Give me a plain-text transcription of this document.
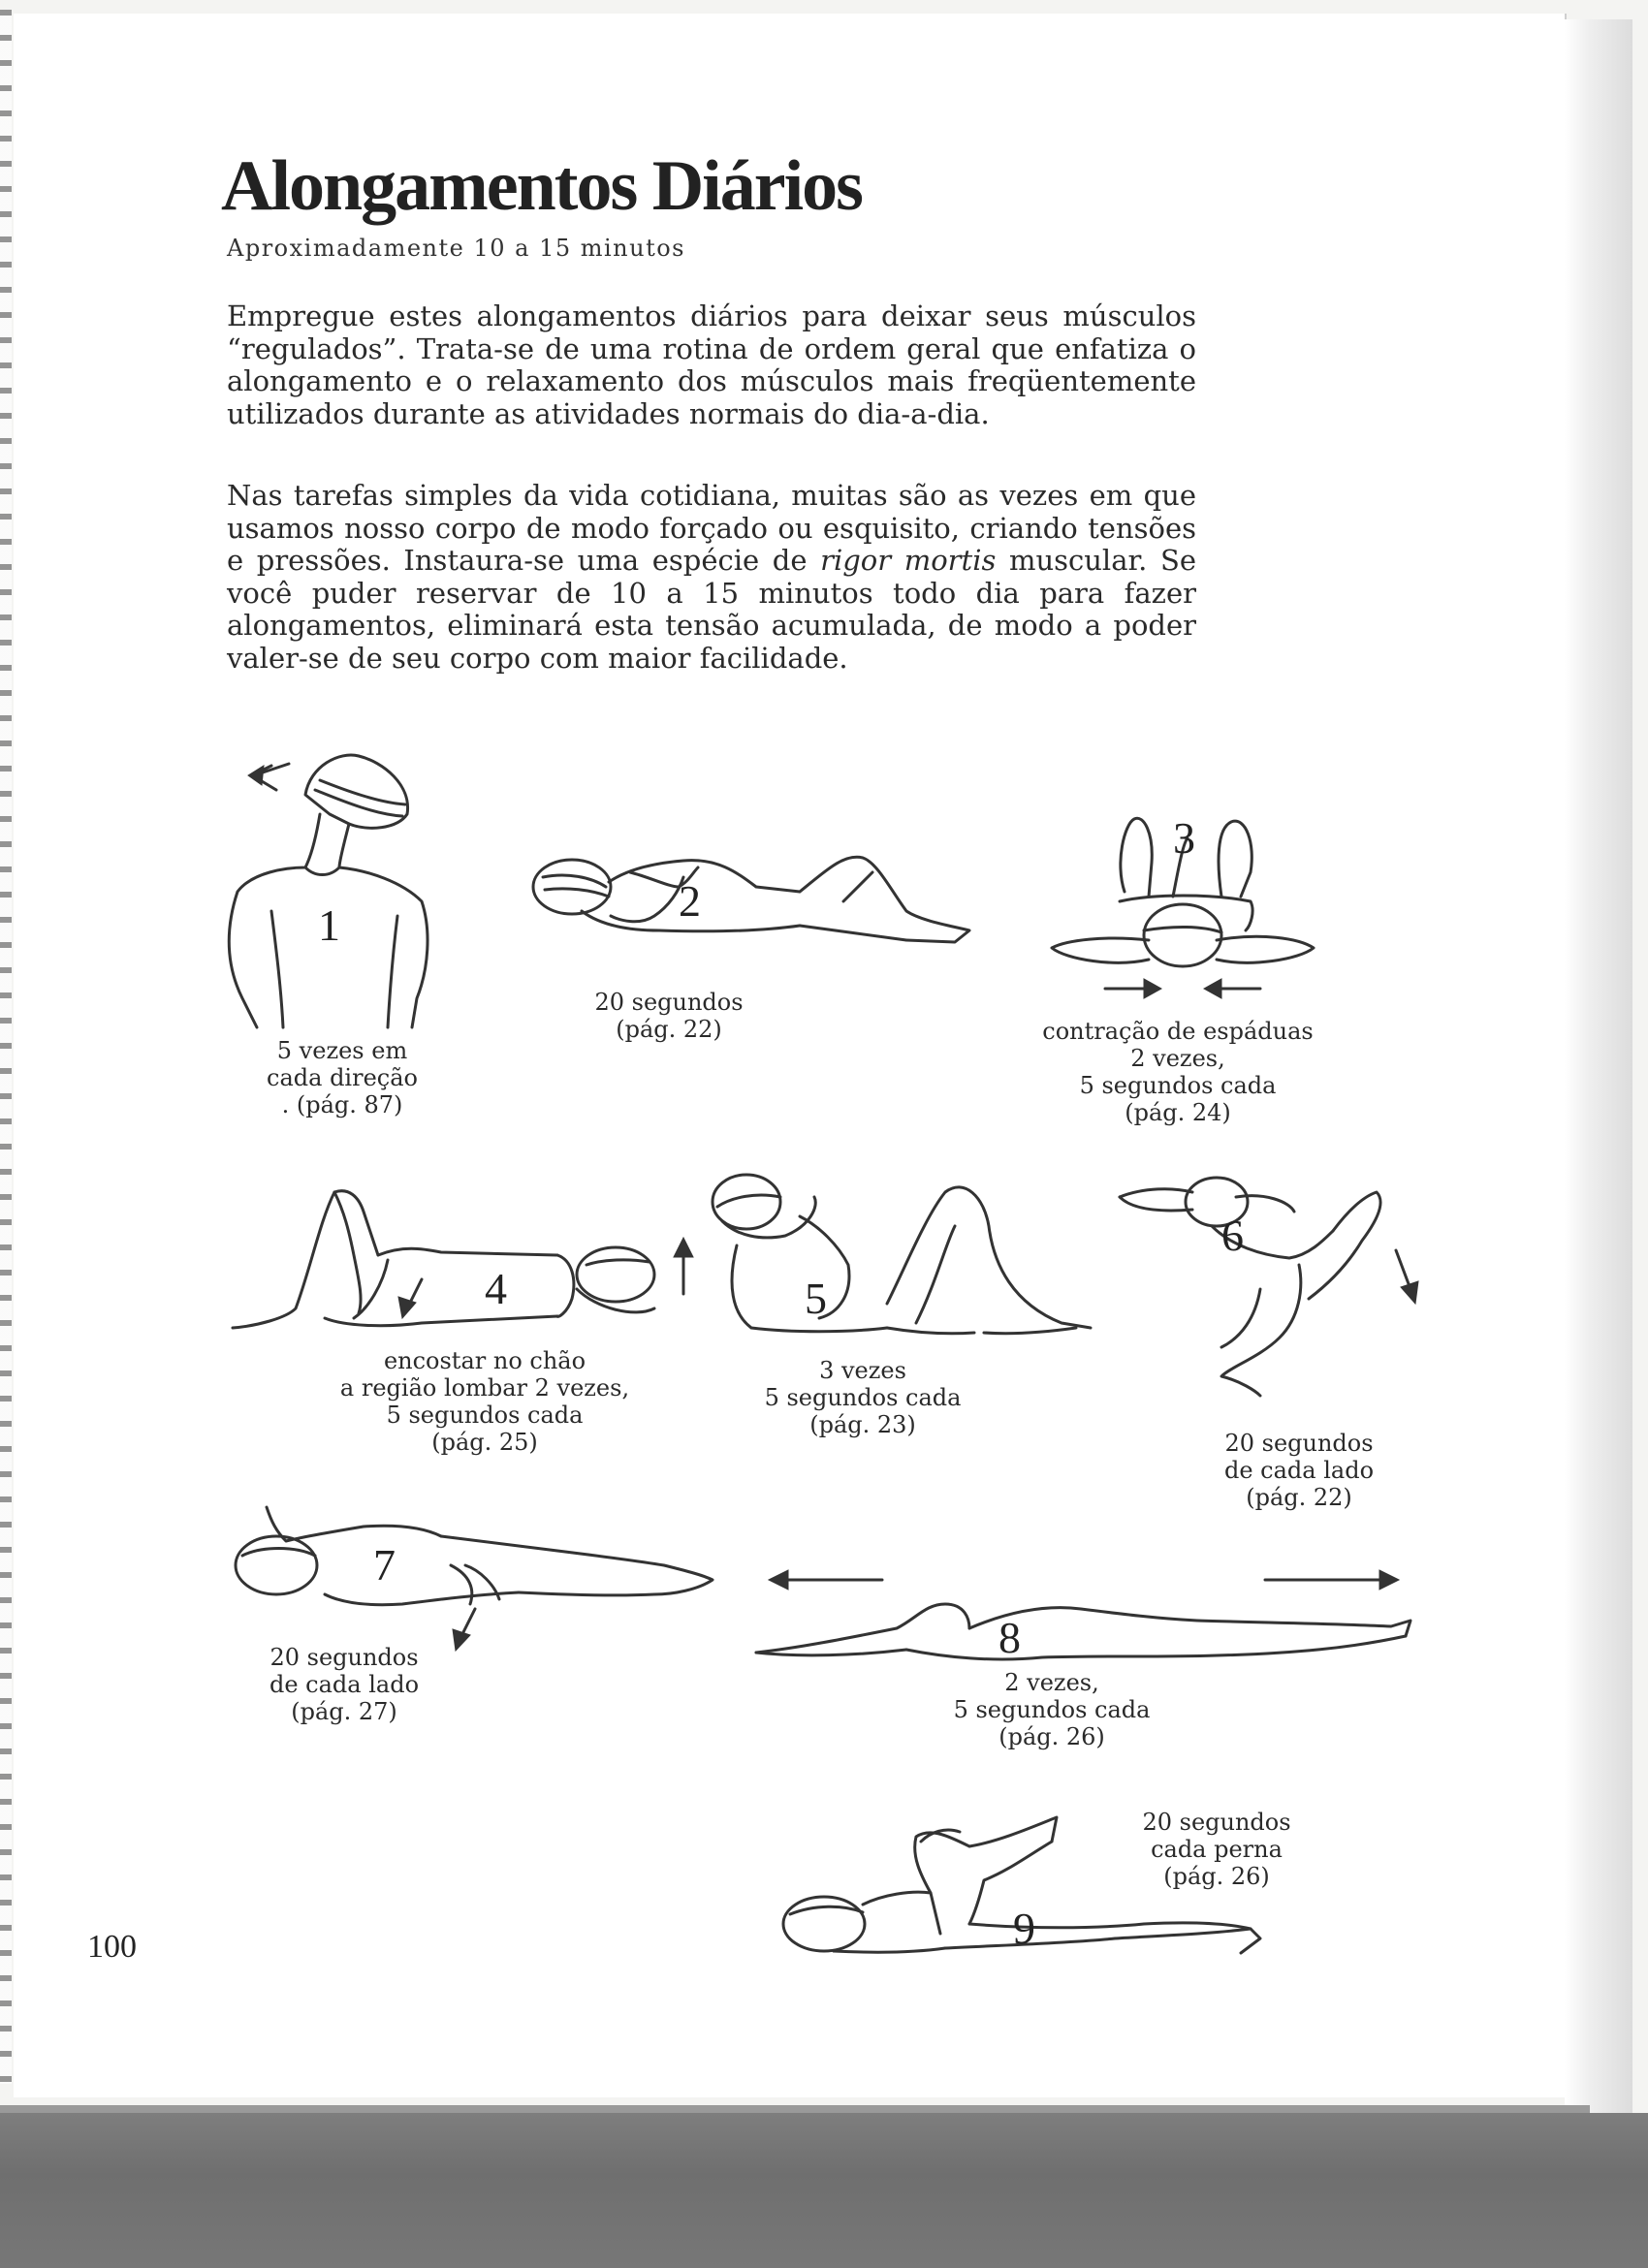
Alongamentos Diários
Aproximadamente 10 a 15 minutos

Empregue estes alongamentos diários para deixar seus músculos “regulados”. Trata-se de uma rotina de ordem geral que enfatiza o alongamento e o relaxamento dos músculos mais freqüentemente utilizados durante as atividades normais do dia-a-dia.

Nas tarefas simples da vida cotidiana, muitas são as vezes em que usamos nosso corpo de modo forçado ou esquisito, criando tensões e pressões. Instaura-se uma espécie de rigor mortis muscular. Se você puder reservar de 10 a 15 minutos todo dia para fazer alongamentos, eliminará esta tensão acumulada, de modo a poder valer-se de seu corpo com maior facilidade.

1
5 vezes em
cada direção
. (pág. 87)
2
20 segundos
(pág. 22)
3
contração de espáduas
2 vezes,
5 segundos cada
(pág. 24)
4
encostar no chão
a região lombar 2 vezes,
5 segundos cada
(pág. 25)
5
3 vezes
5 segundos cada
(pág. 23)
6
20 segundos
de cada lado
(pág. 22)
7
20 segundos
de cada lado
(pág. 27)
8
2 vezes,
5 segundos cada
(pág. 26)
9
20 segundos
cada perna
(pág. 26)
100
